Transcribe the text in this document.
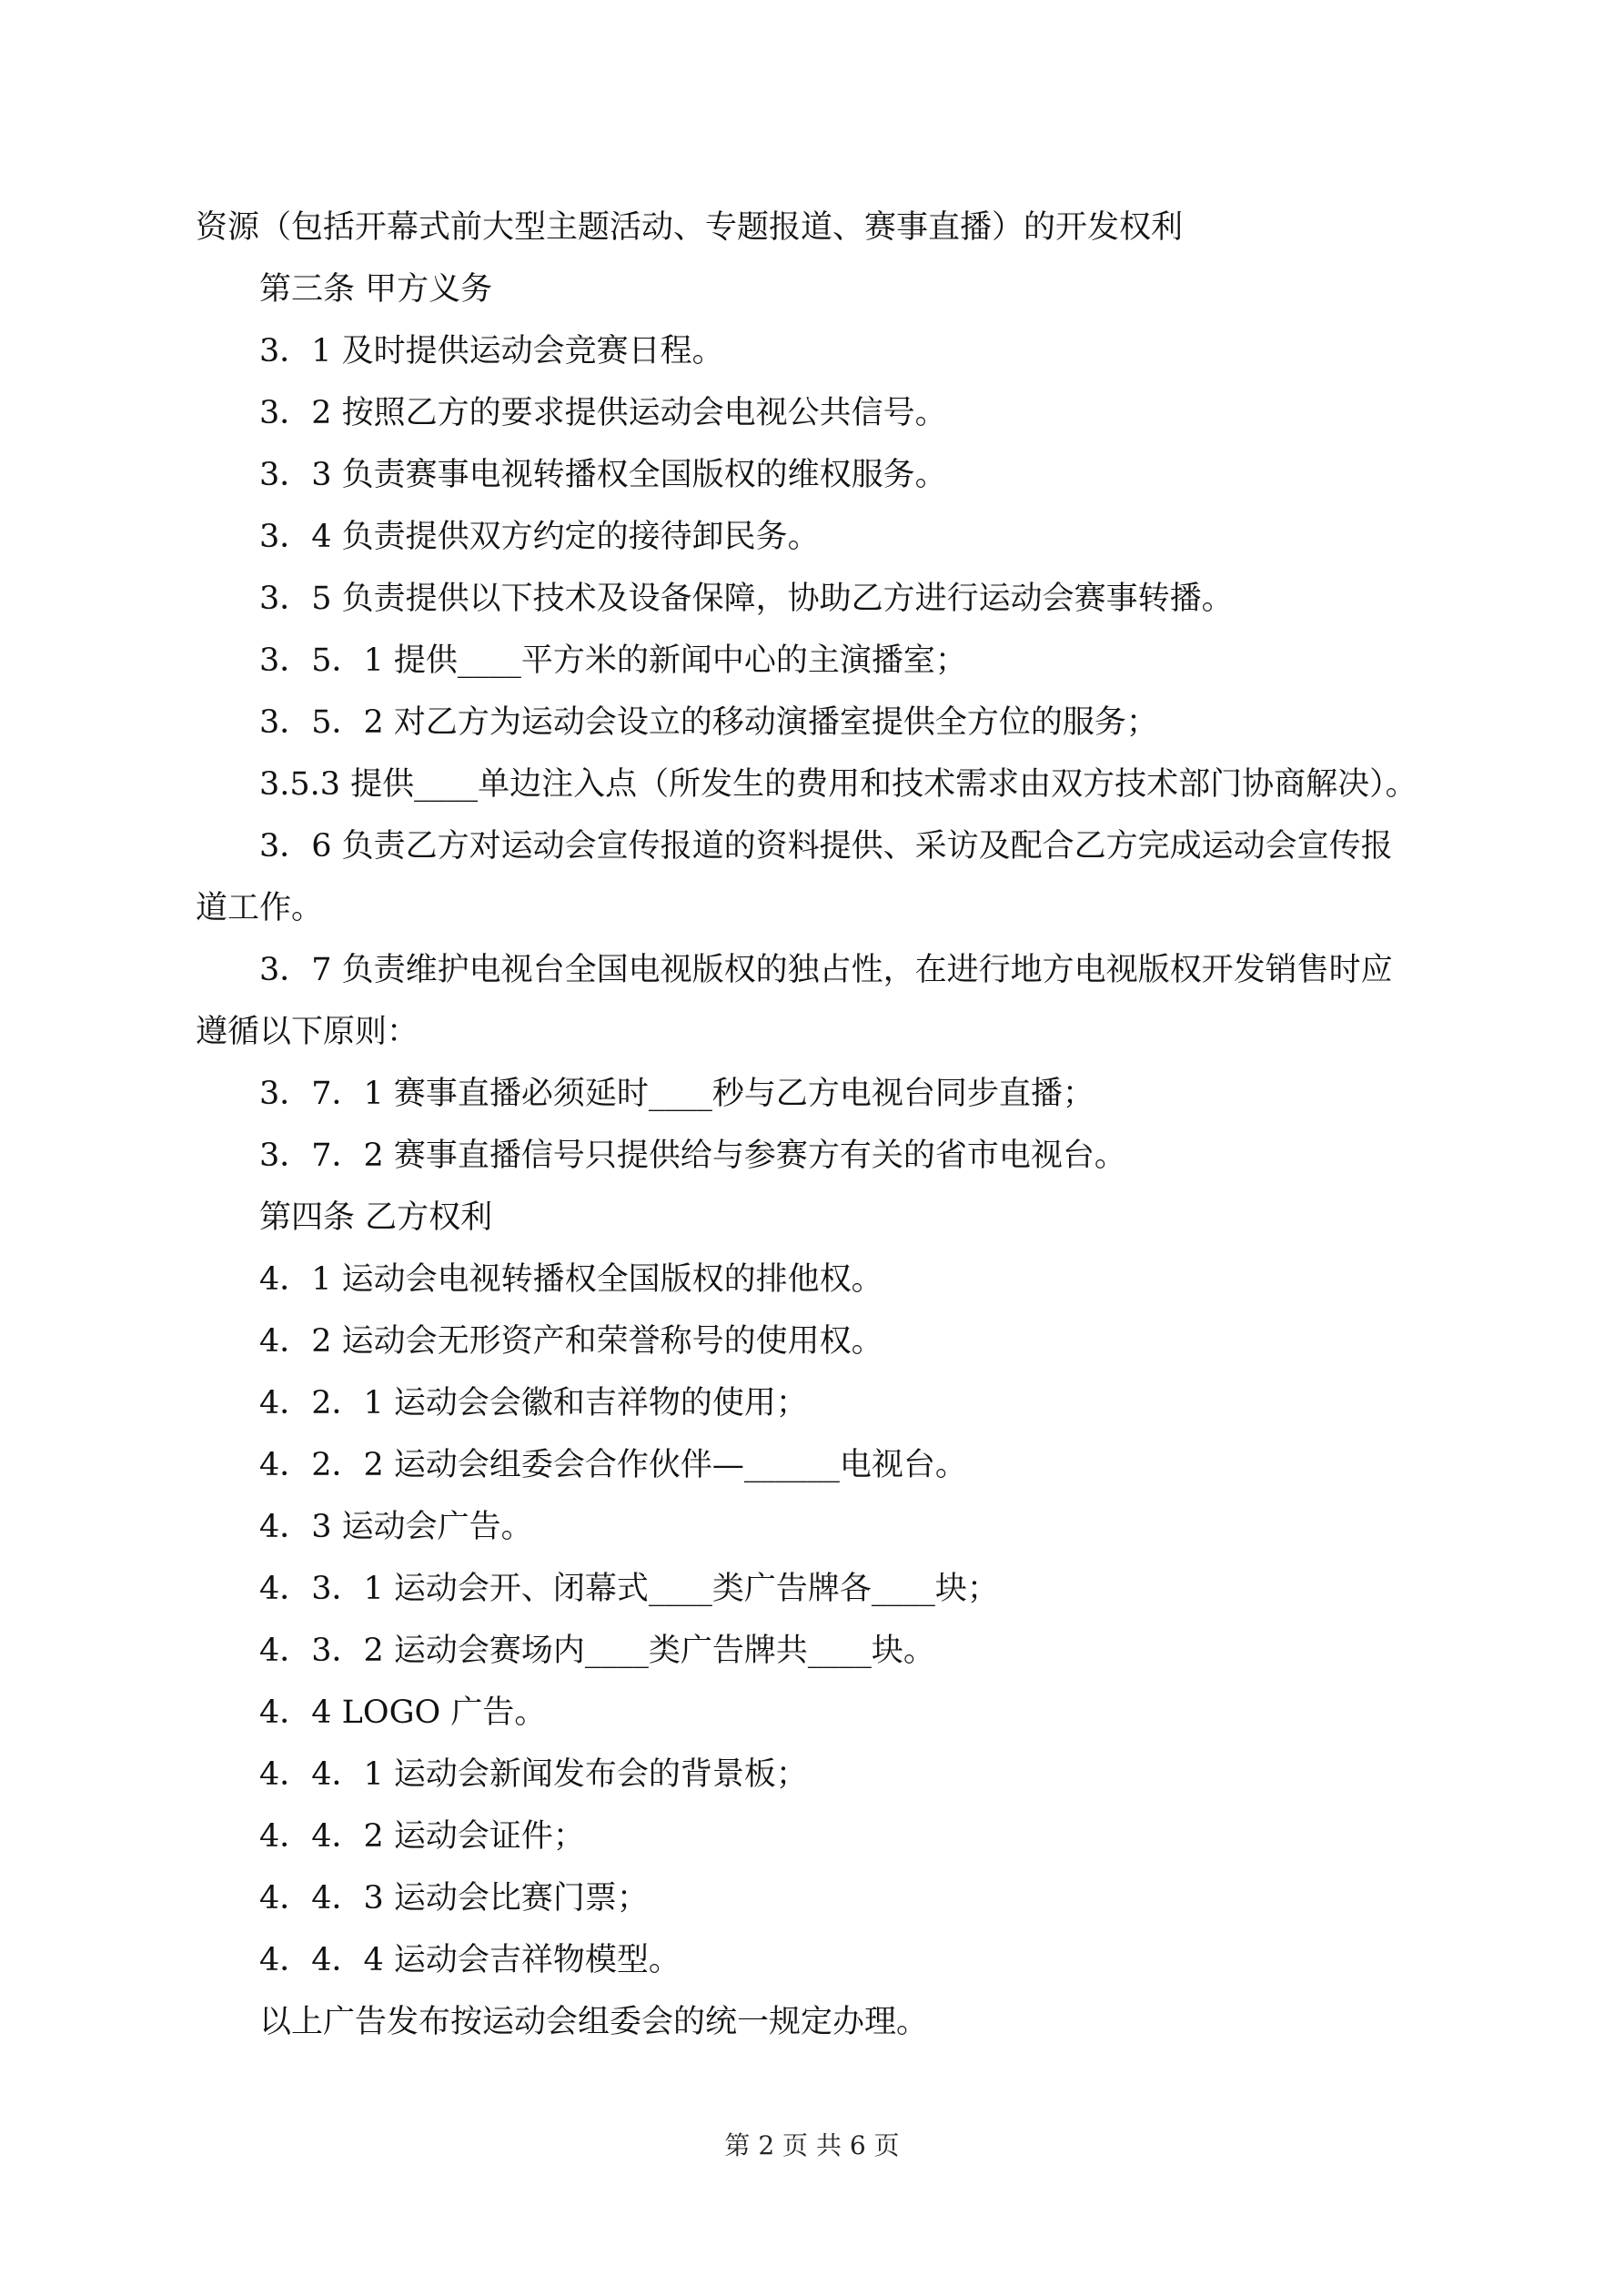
资源（包括开幕式前大型主题活动、专题报道、赛事直播）的开发权利
第三条 甲方义务
3．1 及时提供运动会竞赛日程。
3．2 按照乙方的要求提供运动会电视公共信号。
3．3 负责赛事电视转播权全国版权的维权服务。
3．4 负责提供双方约定的接待卸民务。
3．5 负责提供以下技术及设备保障，协助乙方进行运动会赛事转播。
3．5．1 提供____平方米的新闻中心的主演播室；
3．5．2 对乙方为运动会设立的移动演播室提供全方位的服务；
3.5.3 提供____单边注入点（所发生的费用和技术需求由双方技术部门协商解决）。
3．6 负责乙方对运动会宣传报道的资料提供、采访及配合乙方完成运动会宣传报
道工作。
3．7 负责维护电视台全国电视版权的独占性，在进行地方电视版权开发销售时应
遵循以下原则：
3．7．1 赛事直播必须延时____秒与乙方电视台同步直播；
3．7．2 赛事直播信号只提供给与参赛方有关的省市电视台。
第四条 乙方权利
4．1 运动会电视转播权全国版权的排他权。
4．2 运动会无形资产和荣誉称号的使用权。
4．2．1 运动会会徽和吉祥物的使用；
4．2．2 运动会组委会合作伙伴—______电视台。
4．3 运动会广告。
4．3．1 运动会开、闭幕式____类广告牌各____块；
4．3．2 运动会赛场内____类广告牌共____块。
4．4 LOGO 广告。
4．4．1 运动会新闻发布会的背景板；
4．4．2 运动会证件；
4．4．3 运动会比赛门票；
4．4．4 运动会吉祥物模型。
以上广告发布按运动会组委会的统一规定办理。
第 2 页 共 6 页
